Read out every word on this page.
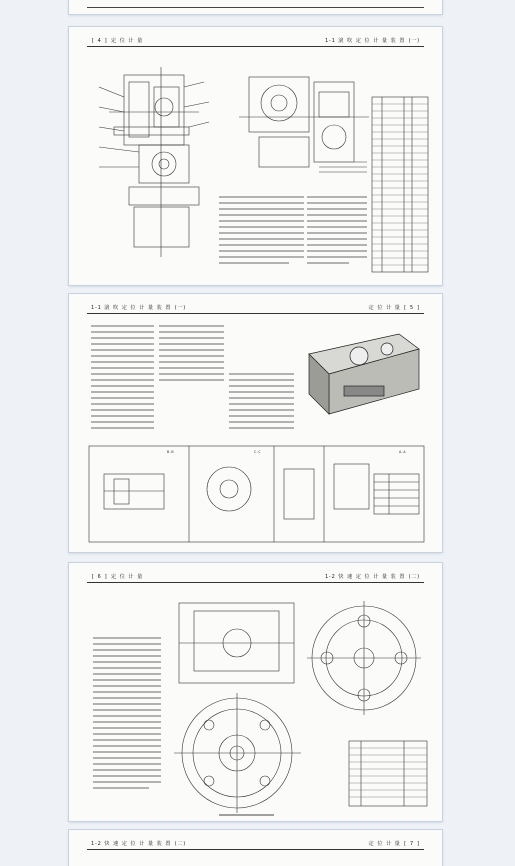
[ 4 ] 定 位 计 量	1-1 滚 吹 定 位 计 量 装 置 (一)
1-1 滚 吹 定 位 计 量 装 置 (一)	定 位 计 量 [ 5 ]
B-B	C-C	A-A
[ 6 ] 定 位 计 量	1-2 快 速 定 位 计 量 装 置 (二)
1-2 快 速 定 位 计 量 装 置 (二)	定 位 计 量 [ 7 ]
